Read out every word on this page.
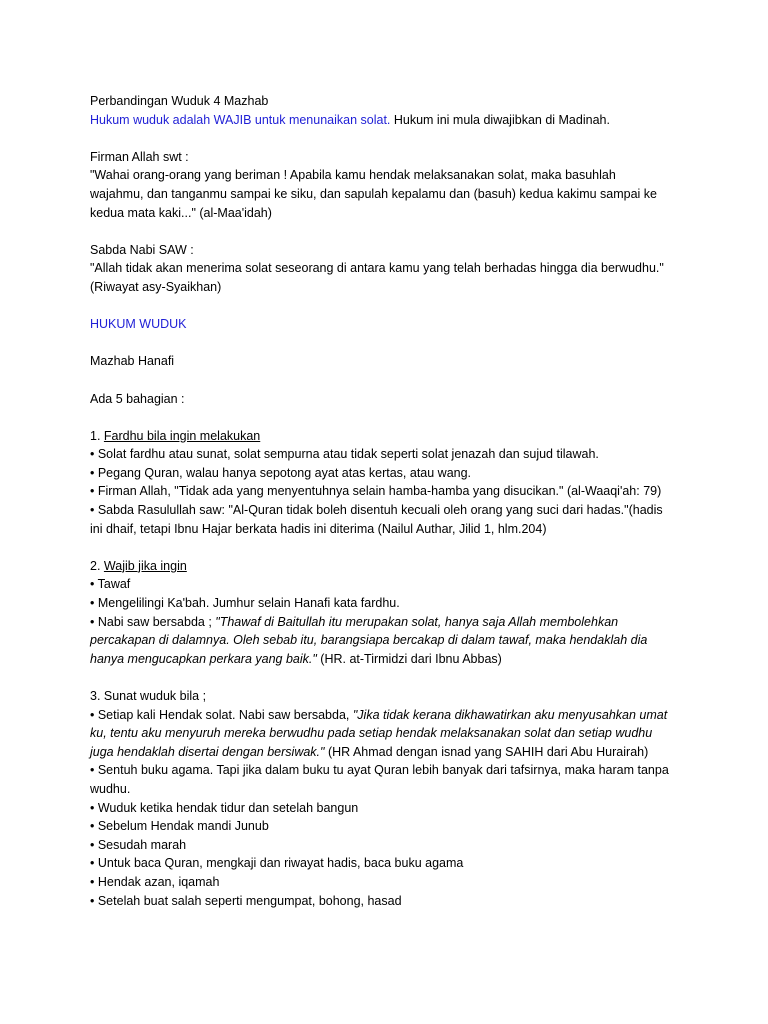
Perbandingan Wuduk 4 Mazhab
Hukum wuduk adalah WAJIB untuk menunaikan solat. Hukum ini mula diwajibkan di Madinah.
Firman Allah swt :
"Wahai orang-orang yang beriman ! Apabila kamu hendak melaksanakan solat, maka basuhlah
wajahmu, dan tanganmu sampai ke siku, dan sapulah kepalamu dan (basuh) kedua kakimu sampai ke
kedua mata kaki..." (al-Maa'idah)
Sabda Nabi SAW :
"Allah tidak akan menerima solat seseorang di antara kamu yang telah berhadas hingga dia berwudhu."
(Riwayat asy-Syaikhan)
HUKUM WUDUK
Mazhab Hanafi
Ada 5 bahagian :
1. Fardhu bila ingin melakukan
• Solat fardhu atau sunat, solat sempurna atau tidak seperti solat jenazah dan sujud tilawah.
• Pegang Quran, walau hanya sepotong ayat atas kertas, atau wang.
• Firman Allah, "Tidak ada yang menyentuhnya selain hamba-hamba yang disucikan." (al-Waaqi'ah: 79)
• Sabda Rasulullah saw: "Al-Quran tidak boleh disentuh kecuali oleh orang yang suci dari hadas."(hadis
ini dhaif, tetapi Ibnu Hajar berkata hadis ini diterima (Nailul Authar, Jilid 1, hlm.204)
2. Wajib jika ingin
• Tawaf
• Mengelilingi Ka'bah. Jumhur selain Hanafi kata fardhu.
• Nabi saw bersabda ; "Thawaf di Baitullah itu merupakan solat, hanya saja Allah membolehkan
percakapan di dalamnya. Oleh sebab itu, barangsiapa bercakap di dalam tawaf, maka hendaklah dia
hanya mengucapkan perkara yang baik." (HR. at-Tirmidzi dari Ibnu Abbas)
3. Sunat wuduk bila ;
• Setiap kali Hendak solat. Nabi saw bersabda, "Jika tidak kerana dikhawatirkan aku menyusahkan umat
ku, tentu aku menyuruh mereka berwudhu pada setiap hendak melaksanakan solat dan setiap wudhu
juga hendaklah disertai dengan bersiwak." (HR Ahmad dengan isnad yang SAHIH dari Abu Hurairah)
• Sentuh buku agama. Tapi jika dalam buku tu ayat Quran lebih banyak dari tafsirnya, maka haram tanpa
wudhu.
• Wuduk ketika hendak tidur dan setelah bangun
• Sebelum Hendak mandi Junub
• Sesudah marah
• Untuk baca Quran, mengkaji dan riwayat hadis, baca buku agama
• Hendak azan, iqamah
• Setelah buat salah seperti mengumpat, bohong, hasad
